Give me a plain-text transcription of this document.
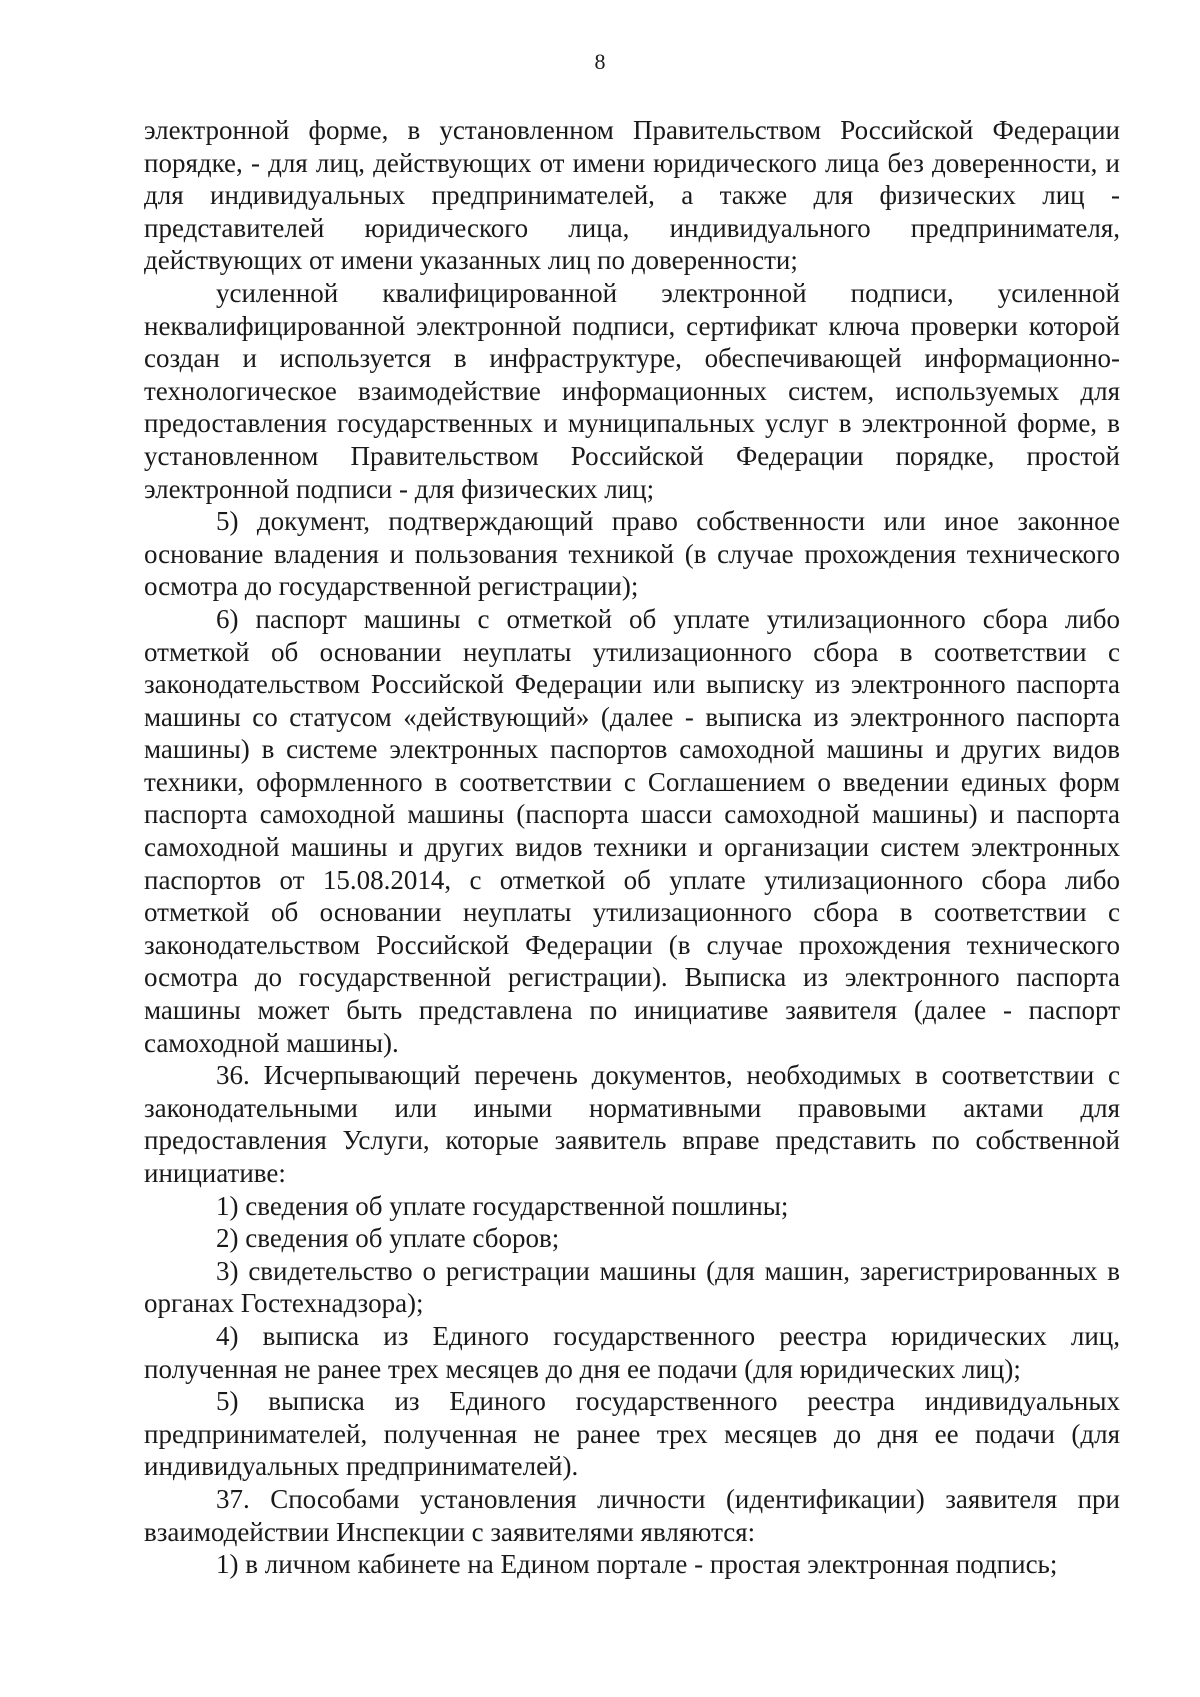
8

электронной форме, в установленном Правительством Российской Федерации порядке, - для лиц, действующих от имени юридического лица без доверенности, и для индивидуальных предпринимателей, а также для физических лиц - представителей юридического лица, индивидуального предпринимателя, действующих от имени указанных лиц по доверенности;

усиленной квалифицированной электронной подписи, усиленной неквалифицированной электронной подписи, сертификат ключа проверки которой создан и используется в инфраструктуре, обеспечивающей информационно-технологическое взаимодействие информационных систем, используемых для предоставления государственных и муниципальных услуг в электронной форме, в установленном Правительством Российской Федерации порядке, простой электронной подписи - для физических лиц;

5) документ, подтверждающий право собственности или иное законное основание владения и пользования техникой (в случае прохождения технического осмотра до государственной регистрации);

6) паспорт машины с отметкой об уплате утилизационного сбора либо отметкой об основании неуплаты утилизационного сбора в соответствии с законодательством Российской Федерации или выписку из электронного паспорта машины со статусом «действующий» (далее - выписка из электронного паспорта машины) в системе электронных паспортов самоходной машины и других видов техники, оформленного в соответствии с Соглашением о введении единых форм паспорта самоходной машины (паспорта шасси самоходной машины) и паспорта самоходной машины и других видов техники и организации систем электронных паспортов от 15.08.2014, с отметкой об уплате утилизационного сбора либо отметкой об основании неуплаты утилизационного сбора в соответствии с законодательством Российской Федерации (в случае прохождения технического осмотра до государственной регистрации). Выписка из электронного паспорта машины может быть представлена по инициативе заявителя (далее - паспорт самоходной машины).

36. Исчерпывающий перечень документов, необходимых в соответствии с законодательными или иными нормативными правовыми актами для предоставления Услуги, которые заявитель вправе представить по собственной инициативе:

1) сведения об уплате государственной пошлины;

2) сведения об уплате сборов;

3) свидетельство о регистрации машины (для машин, зарегистрированных в органах Гостехнадзора);

4) выписка из Единого государственного реестра юридических лиц, полученная не ранее трех месяцев до дня ее подачи (для юридических лиц);

5) выписка из Единого государственного реестра индивидуальных предпринимателей, полученная не ранее трех месяцев до дня ее подачи (для индивидуальных предпринимателей).

37. Способами установления личности (идентификации) заявителя при взаимодействии Инспекции с заявителями являются:

1) в личном кабинете на Едином портале - простая электронная подпись;
